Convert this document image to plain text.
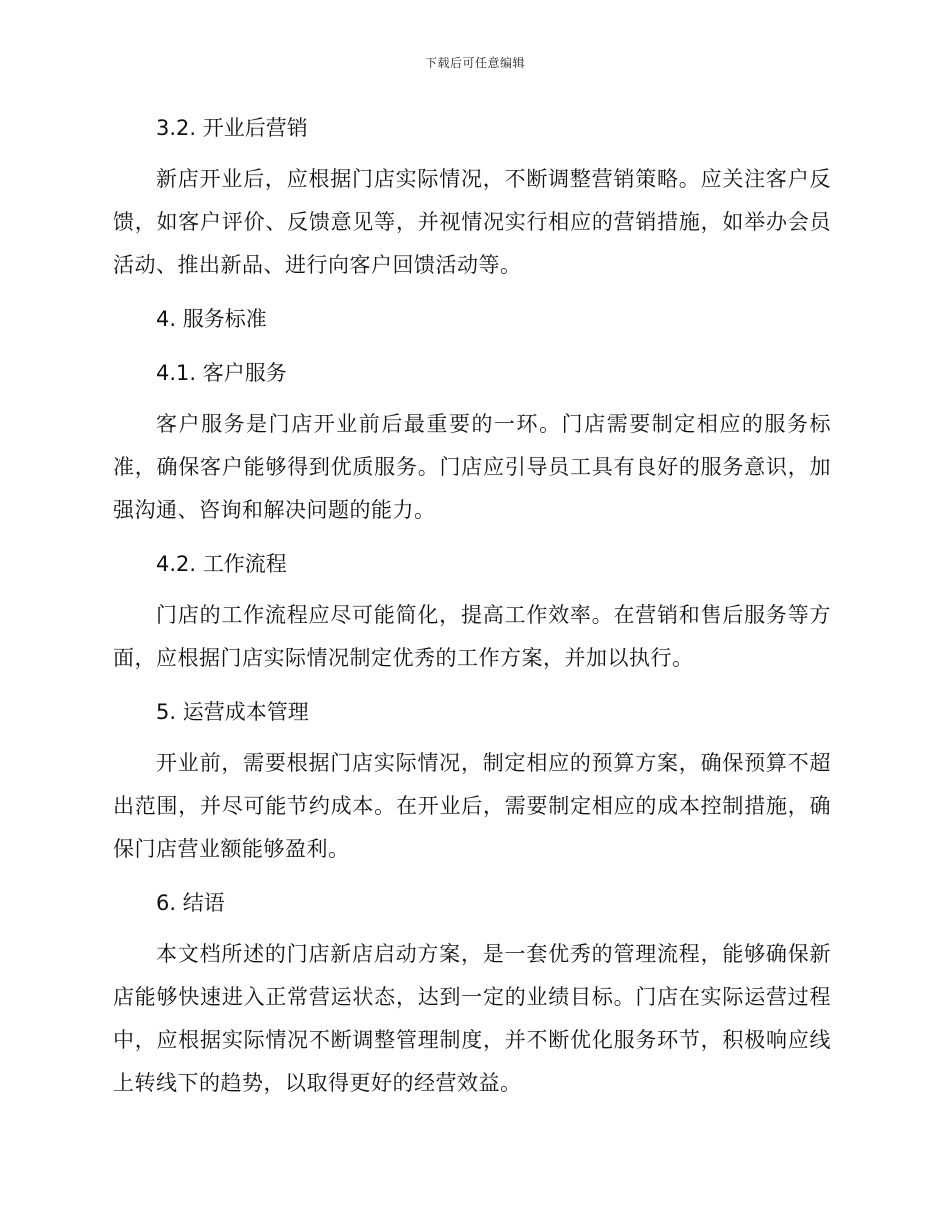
下载后可任意编辑
3.2. 开业后营销

新店开业后，应根据门店实际情况，不断调整营销策略。应关注客户反馈，如客户评价、反馈意见等，并视情况实行相应的营销措施，如举办会员活动、推出新品、进行向客户回馈活动等。

4. 服务标准
4.1. 客户服务

客户服务是门店开业前后最重要的一环。门店需要制定相应的服务标准，确保客户能够得到优质服务。门店应引导员工具有良好的服务意识，加强沟通、咨询和解决问题的能力。

4.2. 工作流程

门店的工作流程应尽可能简化，提高工作效率。在营销和售后服务等方面，应根据门店实际情况制定优秀的工作方案，并加以执行。

5. 运营成本管理

开业前，需要根据门店实际情况，制定相应的预算方案，确保预算不超出范围，并尽可能节约成本。在开业后，需要制定相应的成本控制措施，确保门店营业额能够盈利。

6. 结语

本文档所述的门店新店启动方案，是一套优秀的管理流程，能够确保新店能够快速进入正常营运状态，达到一定的业绩目标。门店在实际运营过程中，应根据实际情况不断调整管理制度，并不断优化服务环节，积极响应线上转线下的趋势，以取得更好的经营效益。
